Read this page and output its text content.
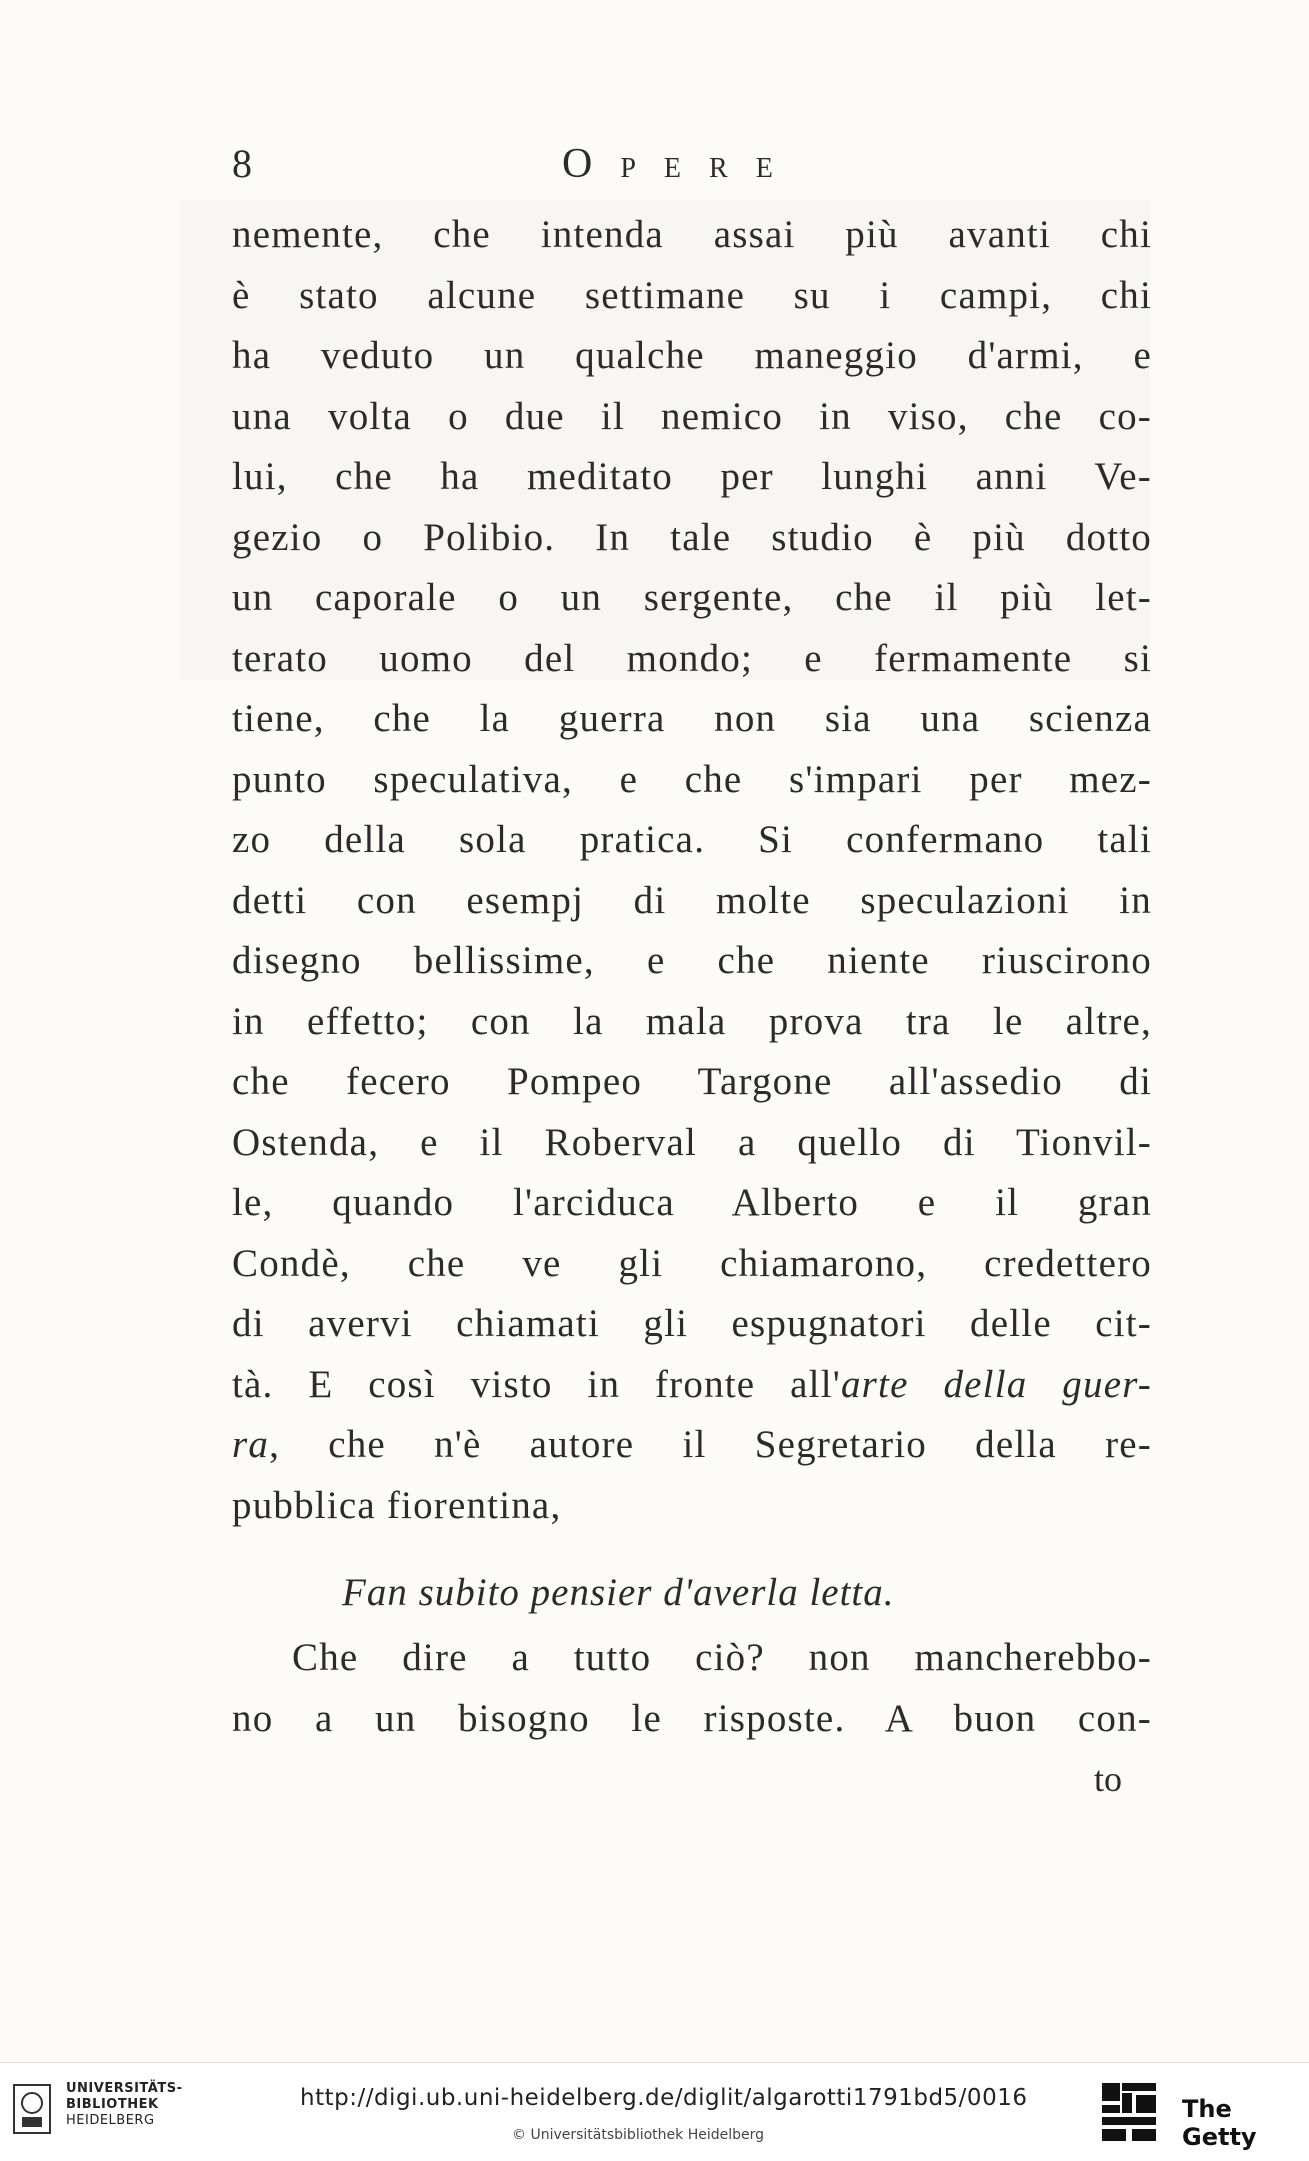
8	OPERE
nemente, che intenda assai più avanti chi
è stato alcune settimane su i campi, chi
ha veduto un qualche maneggio d'armi, e
una volta o due il nemico in viso, che co-
lui, che ha meditato per lunghi anni Ve-
gezio o Polibio. In tale studio è più dotto
un caporale o un sergente, che il più let-
terato uomo del mondo; e fermamente si
tiene, che la guerra non sia una scienza
punto speculativa, e che s'impari per mez-
zo della sola pratica. Si confermano tali
detti con esempj di molte speculazioni in
disegno bellissime, e che niente riuscirono
in effetto; con la mala prova tra le altre,
che fecero Pompeo Targone all'assedio di
Ostenda, e il Roberval a quello di Tionvil-
le, quando l'arciduca Alberto e il gran
Condè, che ve gli chiamarono, credettero
di avervi chiamati gli espugnatori delle cit-
tà. E così visto in fronte all'arte della guer-
ra, che n'è autore il Segretario della re-
pubblica fiorentina,
Fan subito pensier d'averla letta.
Che dire a tutto ciò? non mancherebbo-
no a un bisogno le risposte. A buon con-
to
UNIVERSITÄTS-
BIBLIOTHEK
HEIDELBERG
http://digi.ub.uni-heidelberg.de/diglit/algarotti1791bd5/0016
© Universitätsbibliothek Heidelberg
The Getty
